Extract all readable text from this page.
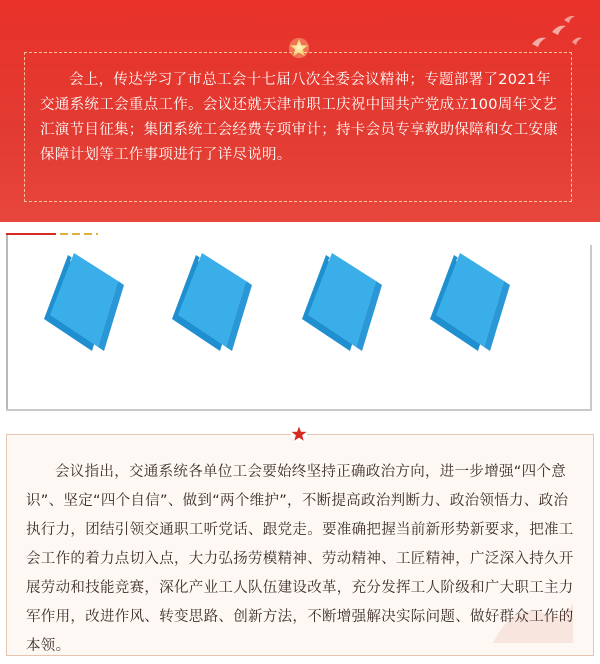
会上，传达学习了市总工会十七届八次全委会议精神；专题部署了2021年交通系统工会重点工作。会议还就天津市职工庆祝中国共产党成立100周年文艺汇演节目征集；集团系统工会经费专项审计；持卡会员专享救助保障和女工安康保障计划等工作事项进行了详尽说明。

会议指出，交通系统各单位工会要始终坚持正确政治方向，进一步增强“四个意识”、坚定“四个自信”、做到“两个维护”，不断提高政治判断力、政治领悟力、政治执行力，团结引领交通职工听党话、跟党走。要准确把握当前新形势新要求，把准工会工作的着力点切入点，大力弘扬劳模精神、劳动精神、工匠精神，广泛深入持久开展劳动和技能竞赛，深化产业工人队伍建设改革，充分发挥工人阶级和广大职工主力军作用，改进作风、转变思路、创新方法，不断增强解决实际问题、做好群众工作的本领。
